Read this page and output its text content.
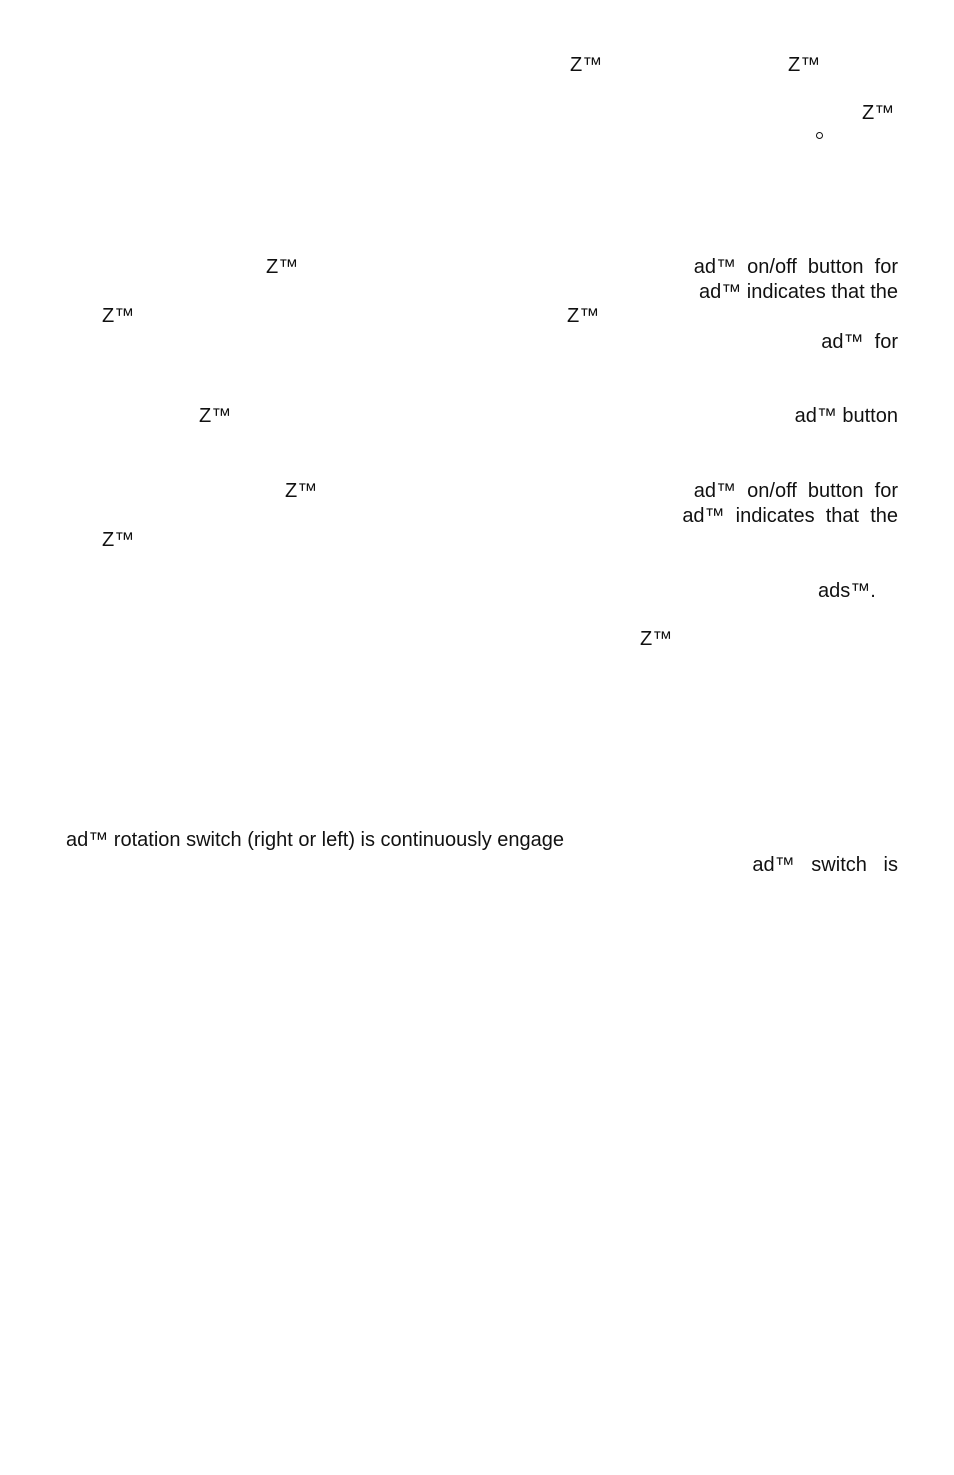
Z™	Z™
Z™
Z™	ad™  on/off  button  for
ad™ indicates that the
Z™	Z™
ad™  for
Z™	ad™ button
Z™	ad™  on/off  button  for
ad™  indicates  that  the
Z™
ads™.
Z™
ad™ rotation switch (right or left) is continuously engage
ad™   switch   is
